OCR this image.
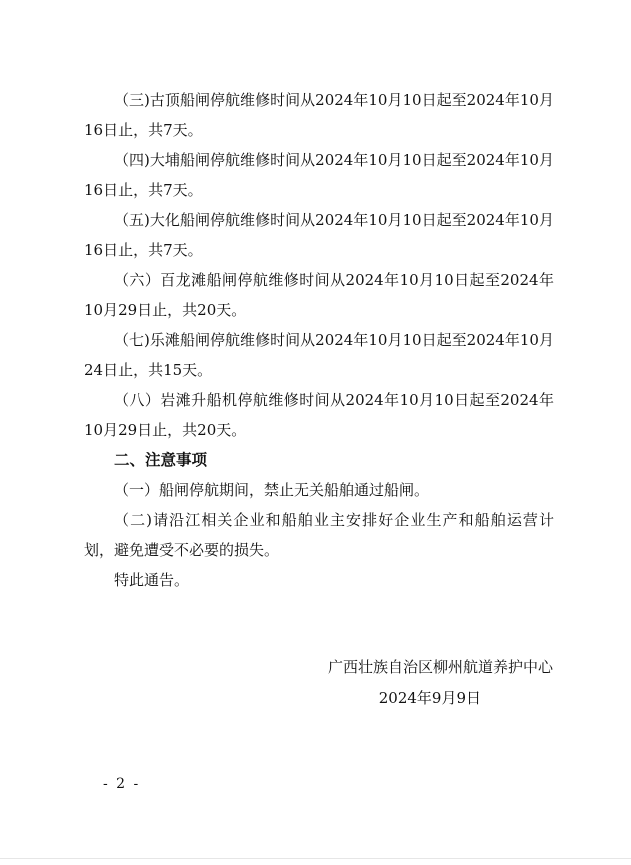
（三)古顶船闸停航维修时间从2024年10月10日起至2024年10月16日止，共7天。

（四)大埔船闸停航维修时间从2024年10月10日起至2024年10月16日止，共7天。

（五)大化船闸停航维修时间从2024年10月10日起至2024年10月16日止，共7天。

（六）百龙滩船闸停航维修时间从2024年10月10日起至2024年10月29日止，共20天。

（七)乐滩船闸停航维修时间从2024年10月10日起至2024年10月24日止，共15天。

（八）岩滩升船机停航维修时间从2024年10月10日起至2024年10月29日止，共20天。

二、注意事项

（一）船闸停航期间，禁止无关船舶通过船闸。

（二)请沿江相关企业和船舶业主安排好企业生产和船舶运营计划，避免遭受不必要的损失。

特此通告。

广西壮族自治区柳州航道养护中心

2024年9月9日

- 2 -
